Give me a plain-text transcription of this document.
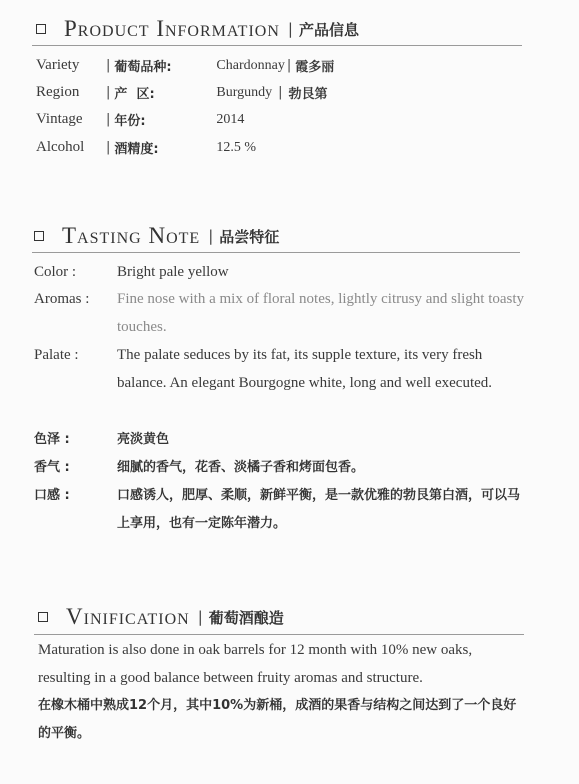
Product Information | 产品信息
Variety	| 葡萄品种:	Chardonnay | 霞多丽
Region	| 产  区:	Burgundy | 勃艮第
Vintage	| 年份:	2014
Alcohol	| 酒精度:	12.5 %
Tasting Note | 品尝特征
Color :	Bright pale yellow
Aromas : Fine nose with a mix of floral notes, lightly citrusy and slight toasty touches.
Palate :	The palate seduces by its fat, its supple texture, its very fresh balance. An elegant Bourgogne white, long and well executed.
色泽 :	亮淡黄色
香气 :	细腻的香气，花香、淡橘子香和烤面包香。
口感 :	口感诱人，肥厚、柔顺，新鲜平衡，是一款优雅的勃艮第白酒，可以马上享用，也有一定陈年潜力。
Vinification | 葡萄酒酿造
Maturation is also done in oak barrels for 12 month with 10% new oaks, resulting in a good balance between fruity aromas and structure.
在橡木桶中熟成12个月，其中10%为新桶，成酒的果香与结构之间达到了一个良好的平衡。
